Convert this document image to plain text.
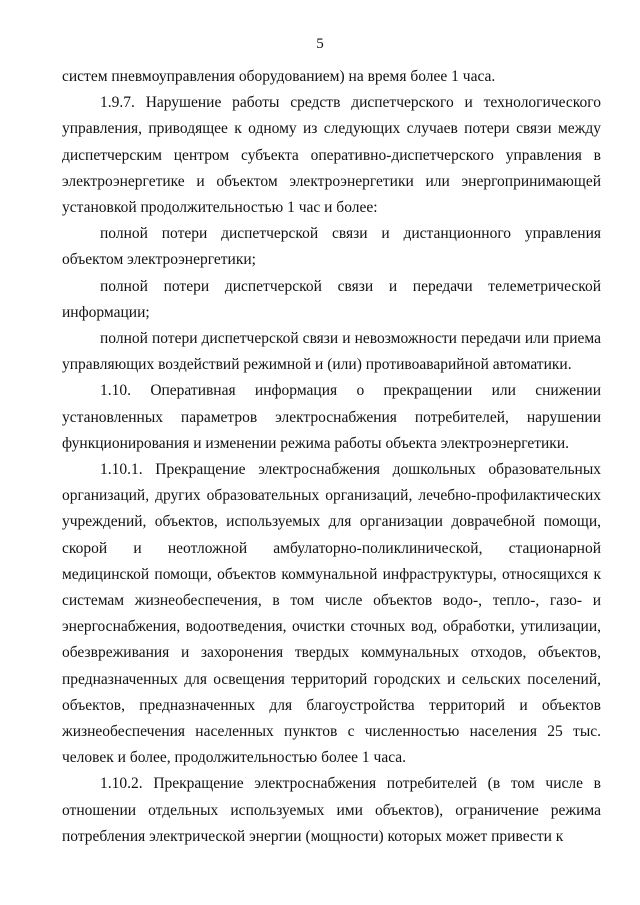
5

систем пневмоуправления оборудованием) на время более 1 часа.

1.9.7. Нарушение работы средств диспетчерского и технологического управления, приводящее к одному из следующих случаев потери связи между диспетчерским центром субъекта оперативно-диспетчерского управления в электроэнергетике и объектом электроэнергетики или энергопринимающей установкой продолжительностью 1 час и более:

полной потери диспетчерской связи и дистанционного управления объектом электроэнергетики;

полной потери диспетчерской связи и передачи телеметрической информации;

полной потери диспетчерской связи и невозможности передачи или приема управляющих воздействий режимной и (или) противоаварийной автоматики.

1.10. Оперативная информация о прекращении или снижении установленных параметров электроснабжения потребителей, нарушении функционирования и изменении режима работы объекта электроэнергетики.

1.10.1. Прекращение электроснабжения дошкольных образовательных организаций, других образовательных организаций, лечебно-профилактических учреждений, объектов, используемых для организации доврачебной помощи, скорой и неотложной амбулаторно-поликлинической, стационарной медицинской помощи, объектов коммунальной инфраструктуры, относящихся к системам жизнеобеспечения, в том числе объектов водо-, тепло-, газо- и энергоснабжения, водоотведения, очистки сточных вод, обработки, утилизации, обезвреживания и захоронения твердых коммунальных отходов, объектов, предназначенных для освещения территорий городских и сельских поселений, объектов, предназначенных для благоустройства территорий и объектов жизнеобеспечения населенных пунктов с численностью населения 25 тыс. человек и более, продолжительностью более 1 часа.

1.10.2. Прекращение электроснабжения потребителей (в том числе в отношении отдельных используемых ими объектов), ограничение режима потребления электрической энергии (мощности) которых может привести к
